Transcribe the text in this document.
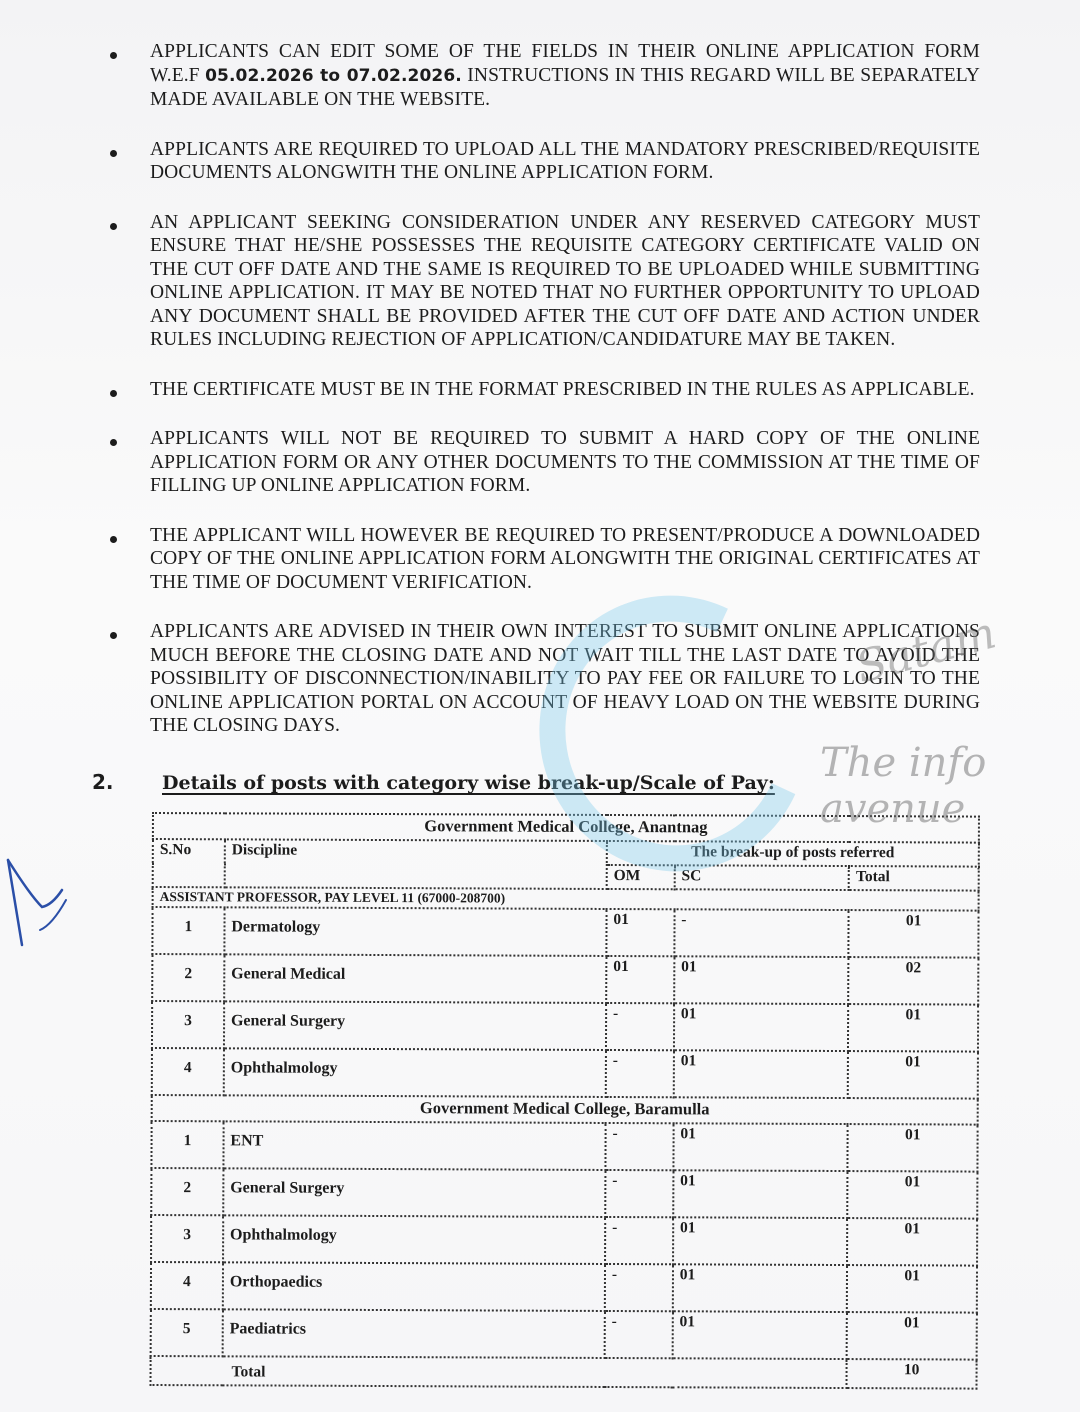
APPLICANTS CAN EDIT SOME OF THE FIELDS IN THEIR ONLINE APPLICATION FORM W.E.F 05.02.2026 to 07.02.2026. INSTRUCTIONS IN THIS REGARD WILL BE SEPARATELY MADE AVAILABLE ON THE WEBSITE.

APPLICANTS ARE REQUIRED TO UPLOAD ALL THE MANDATORY PRESCRIBED/REQUISITE DOCUMENTS ALONGWITH THE ONLINE APPLICATION FORM.

AN APPLICANT SEEKING CONSIDERATION UNDER ANY RESERVED CATEGORY MUST ENSURE THAT HE/SHE POSSESSES THE REQUISITE CATEGORY CERTIFICATE VALID ON THE CUT OFF DATE AND THE SAME IS REQUIRED TO BE UPLOADED WHILE SUBMITTING ONLINE APPLICATION. IT MAY BE NOTED THAT NO FURTHER OPPORTUNITY TO UPLOAD ANY DOCUMENT SHALL BE PROVIDED AFTER THE CUT OFF DATE AND ACTION UNDER RULES INCLUDING REJECTION OF APPLICATION/CANDIDATURE MAY BE TAKEN.

THE CERTIFICATE MUST BE IN THE FORMAT PRESCRIBED IN THE RULES AS APPLICABLE.

APPLICANTS WILL NOT BE REQUIRED TO SUBMIT A HARD COPY OF THE ONLINE APPLICATION FORM OR ANY OTHER DOCUMENTS TO THE COMMISSION AT THE TIME OF FILLING UP ONLINE APPLICATION FORM.

THE APPLICANT WILL HOWEVER BE REQUIRED TO PRESENT/PRODUCE A DOWNLOADED COPY OF THE ONLINE APPLICATION FORM ALONGWITH THE ORIGINAL CERTIFICATES AT THE TIME OF DOCUMENT VERIFICATION.

APPLICANTS ARE ADVISED IN THEIR OWN INTEREST TO SUBMIT ONLINE APPLICATIONS MUCH BEFORE THE CLOSING DATE AND NOT WAIT TILL THE LAST DATE TO AVOID THE POSSIBILITY OF DISCONNECTION/INABILITY TO PAY FEE OR FAILURE TO LOGIN TO THE ONLINE APPLICATION PORTAL ON ACCOUNT OF HEAVY LOAD ON THE WEBSITE DURING THE CLOSING DAYS.

2.	Details of posts with category wise break-up/Scale of Pay:
Government Medical College, Anantnag				
S.No	Discipline	The break-up of posts referred		
		OM	SC	Total
ASSISTANT PROFESSOR, PAY LEVEL 11 (67000-208700)				
1	Dermatology	01	-	01
2	General Medical	01	01	02
3	General Surgery	-	01	01
4	Ophthalmology	-	01	01
Government Medical College, Baramulla				
1	ENT	-	01	01
2	General Surgery	-	01	01
3	Ophthalmology	-	01	01
4	Orthopaedics	-	01	01
5	Paediatrics	-	01	01
Total				10
Satam
The info avenue
